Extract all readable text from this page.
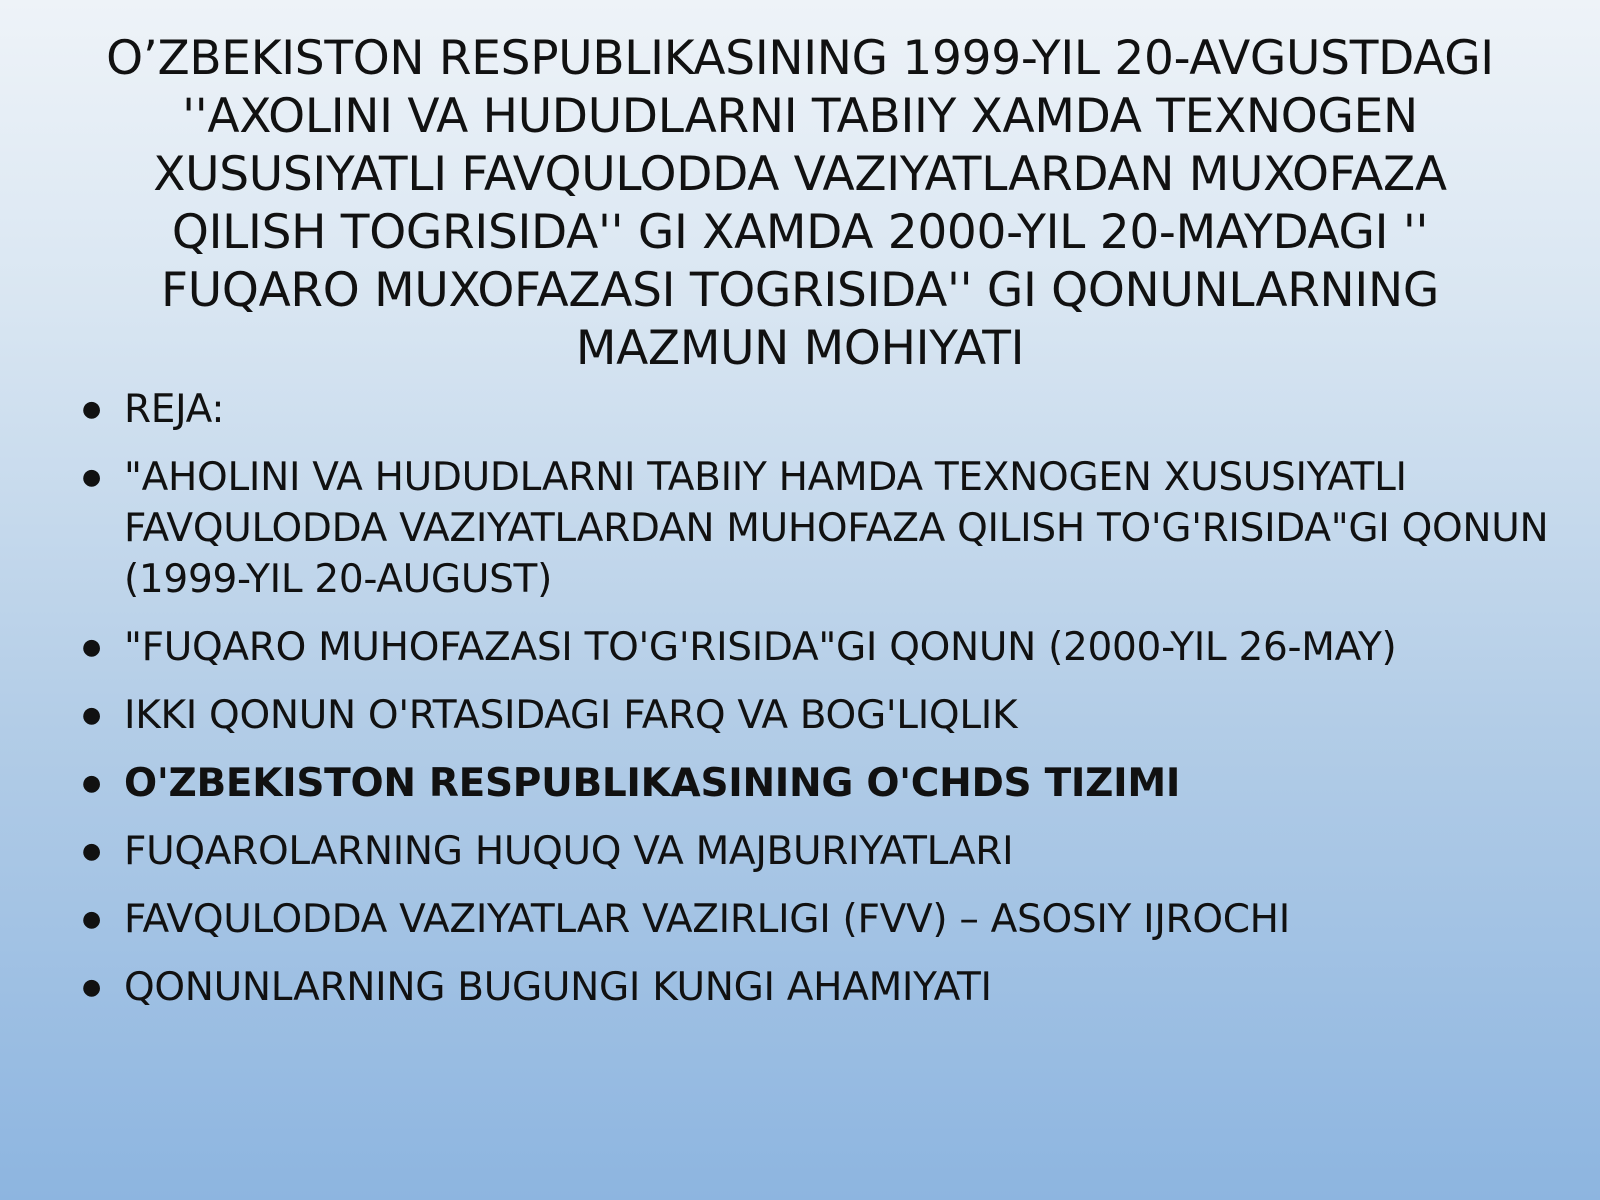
O’ZBEKISTON RESPUBLIKASINING 1999-YIL 20-AVGUSTDAGI ''AXOLINI VA HUDUDLARNI TABIIY XAMDA TEXNOGEN XUSUSIYATLI FAVQULODDA VAZIYATLARDAN MUXOFAZA QILISH TOGRISIDA'' GI XAMDA 2000-YIL 20-MAYDAGI '' FUQARO MUXOFAZASI TOGRISIDA'' GI QONUNLARNING MAZMUN MOHIYATI
● REJA:
● "AHOLINI VA HUDUDLARNI TABIIY HAMDA TEXNOGEN XUSUSIYATLI FAVQULODDA VAZIYATLARDAN MUHOFAZA QILISH TO'G'RISIDA"GI QONUN (1999-YIL 20-AUGUST)
● "FUQARO MUHOFAZASI TO'G'RISIDA"GI QONUN (2000-YIL 26-MAY)
● IKKI QONUN O'RTASIDAGI FARQ VA BOG'LIQLIK
● O'ZBEKISTON RESPUBLIKASINING O'CHDS TIZIMI
● FUQAROLARNING HUQUQ VA MAJBURIYATLARI
● FAVQULODDA VAZIYATLAR VAZIRLIGI (FVV) – ASOSIY IJROCHI
● QONUNLARNING BUGUNGI KUNGI AHAMIYATI
